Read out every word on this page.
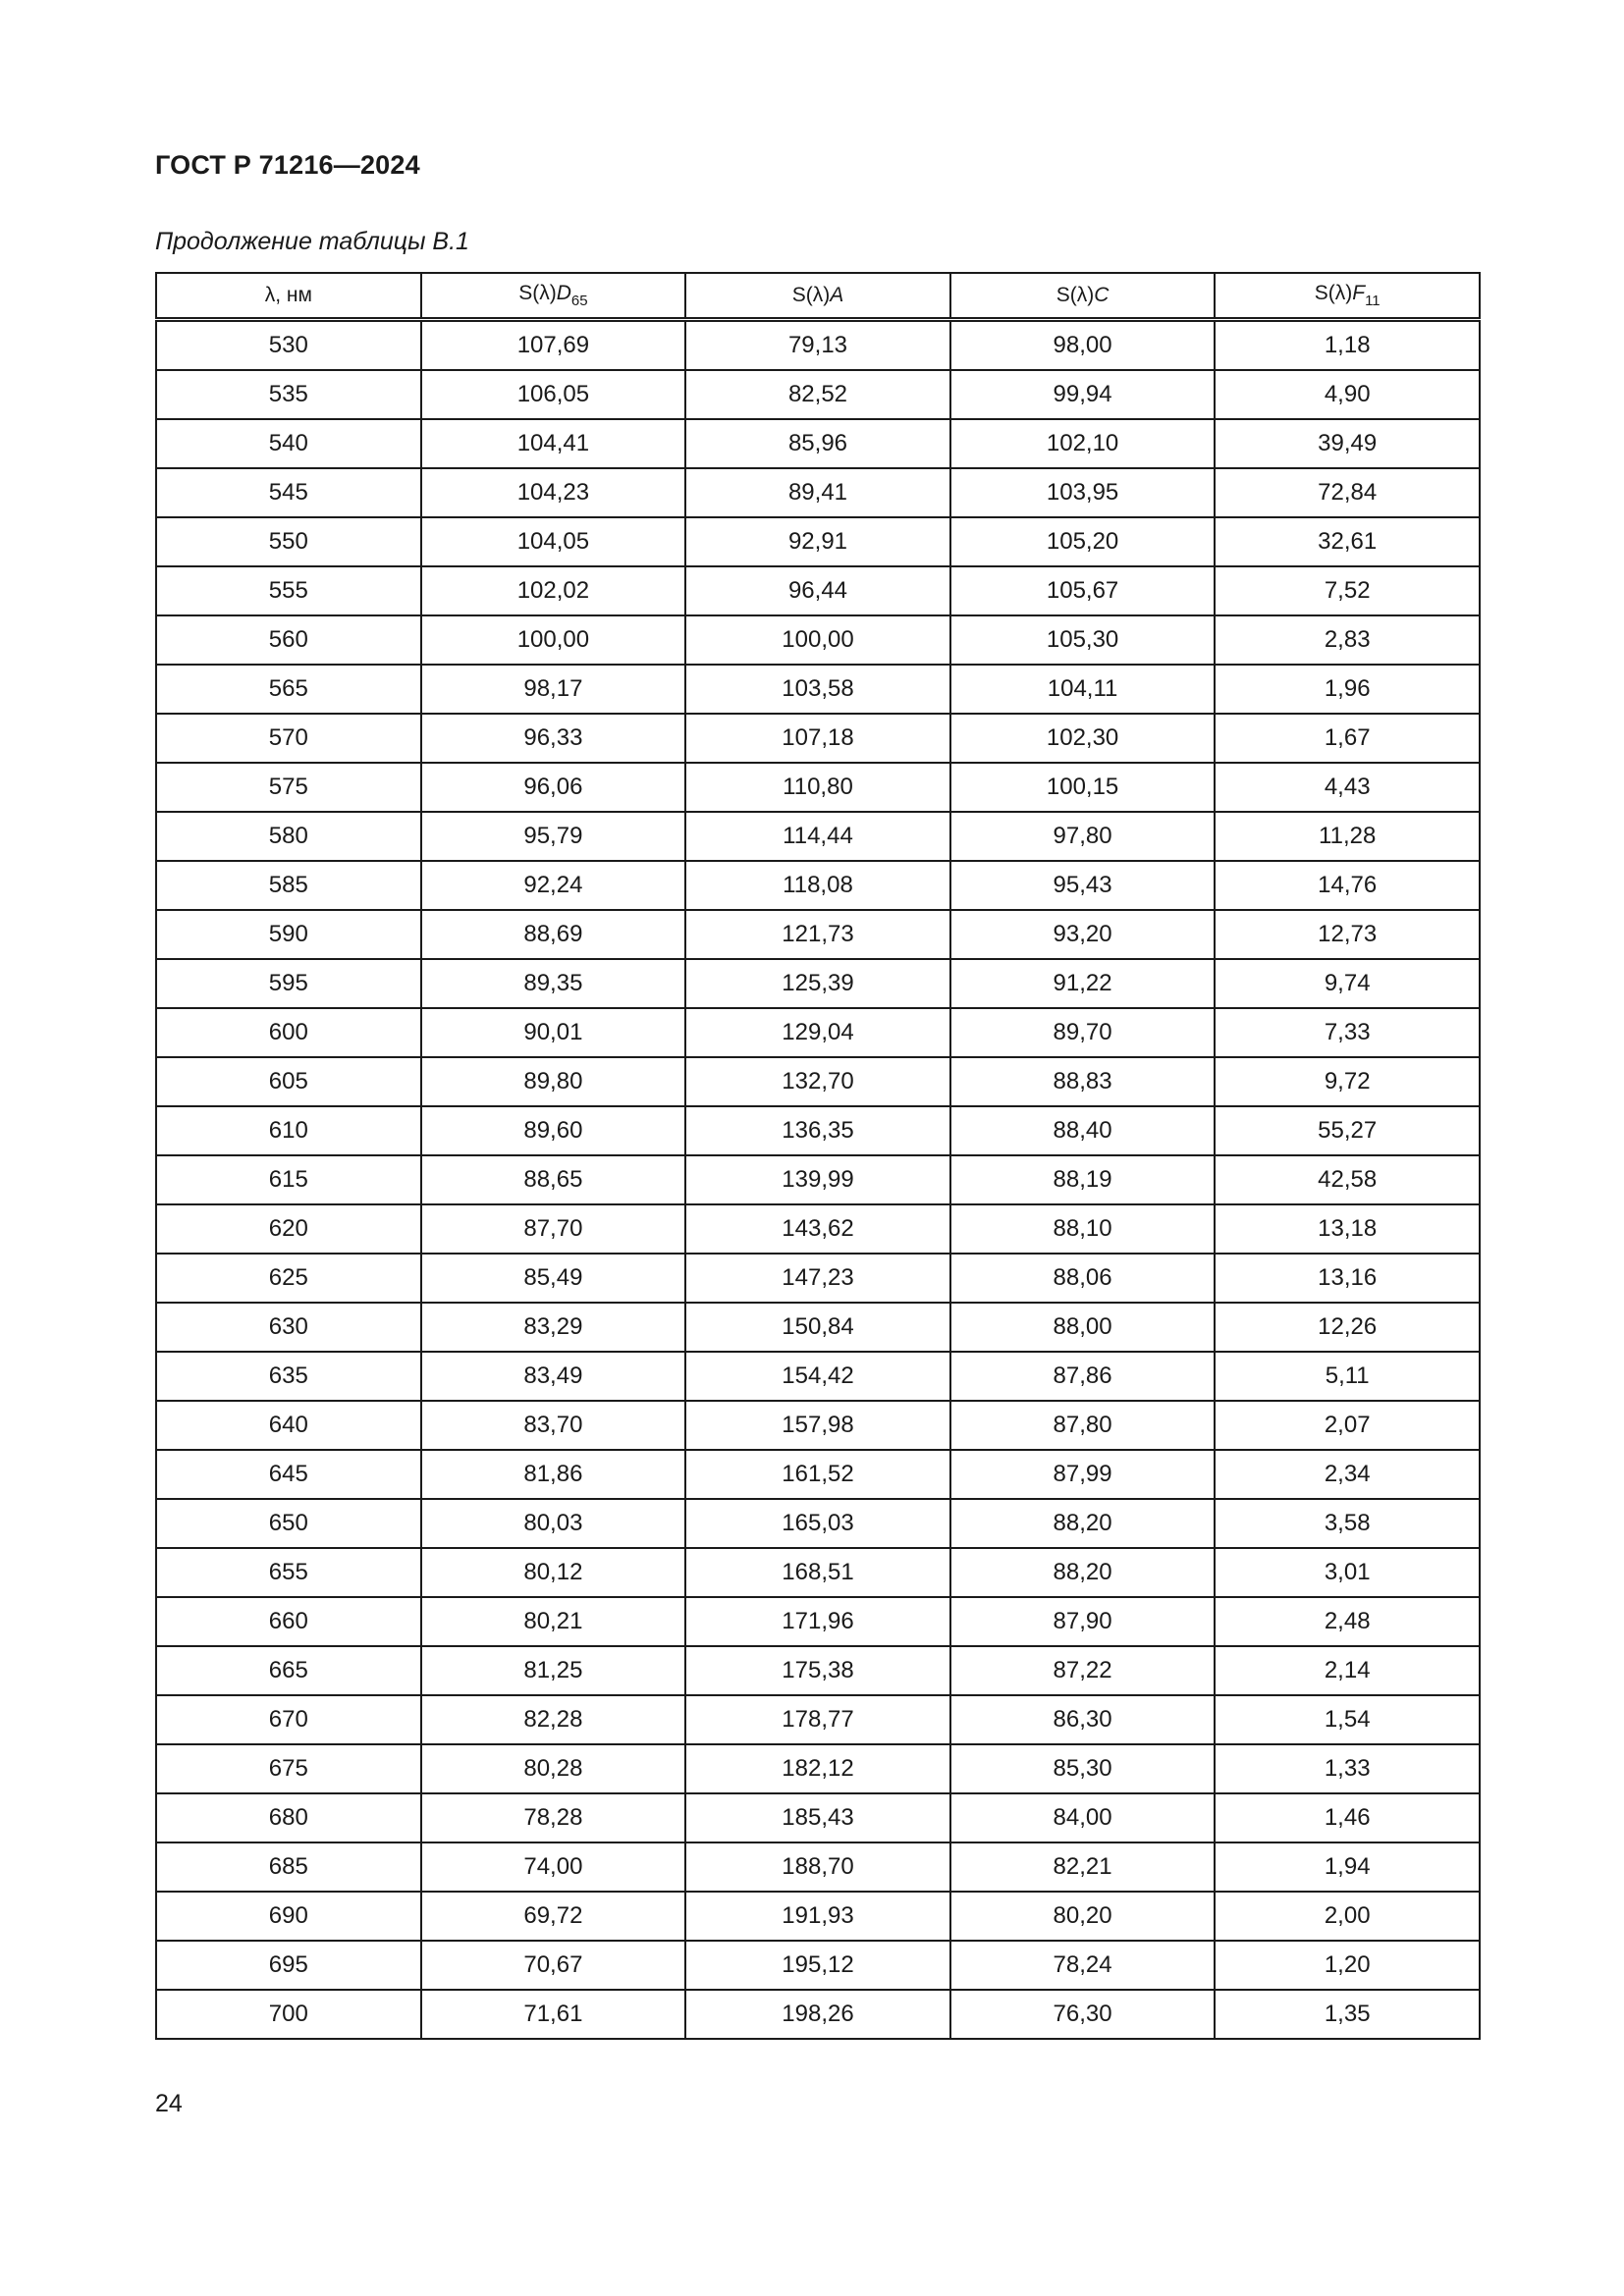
ГОСТ Р 71216—2024
Продолжение таблицы В.1
λ, нм	$S(\lambda)D_{65}$	S(λ)A	S(λ)C	$S(\lambda)F_{11}$
530	107,69	79,13	98,00	1,18
535	106,05	82,52	99,94	4,90
540	104,41	85,96	102,10	39,49
545	104,23	89,41	103,95	72,84
550	104,05	92,91	105,20	32,61
555	102,02	96,44	105,67	7,52
560	100,00	100,00	105,30	2,83
565	98,17	103,58	104,11	1,96
570	96,33	107,18	102,30	1,67
575	96,06	110,80	100,15	4,43
580	95,79	114,44	97,80	11,28
585	92,24	118,08	95,43	14,76
590	88,69	121,73	93,20	12,73
595	89,35	125,39	91,22	9,74
600	90,01	129,04	89,70	7,33
605	89,80	132,70	88,83	9,72
610	89,60	136,35	88,40	55,27
615	88,65	139,99	88,19	42,58
620	87,70	143,62	88,10	13,18
625	85,49	147,23	88,06	13,16
630	83,29	150,84	88,00	12,26
635	83,49	154,42	87,86	5,11
640	83,70	157,98	87,80	2,07
645	81,86	161,52	87,99	2,34
650	80,03	165,03	88,20	3,58
655	80,12	168,51	88,20	3,01
660	80,21	171,96	87,90	2,48
665	81,25	175,38	87,22	2,14
670	82,28	178,77	86,30	1,54
675	80,28	182,12	85,30	1,33
680	78,28	185,43	84,00	1,46
685	74,00	188,70	82,21	1,94
690	69,72	191,93	80,20	2,00
695	70,67	195,12	78,24	1,20
700	71,61	198,26	76,30	1,35
24
